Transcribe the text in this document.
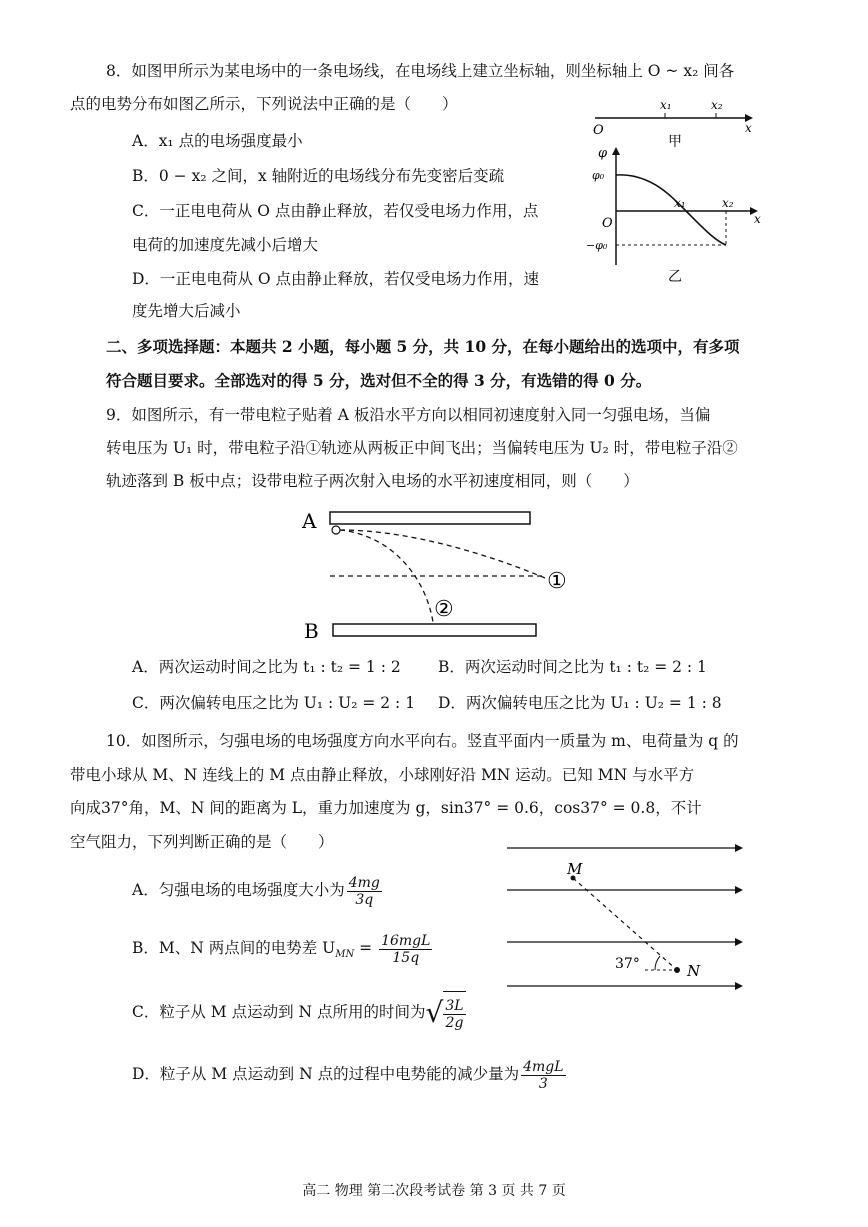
8．如图甲所示为某电场中的一条电场线，在电场线上建立坐标轴，则坐标轴上 O ~ x₂ 间各
点的电势分布如图乙所示，下列说法中正确的是（　　）
A．x₁ 点的电场强度最小
B．0 − x₂ 之间，x 轴附近的电场线分布先变密后变疏
C．一正电电荷从 O 点由静止释放，若仅受电场力作用，点
电荷的加速度先减小后增大
D．一正电电荷从 O 点由静止释放，若仅受电场力作用，速
度先增大后减小
O
x₁	x₂
x
甲
φ
φ₀
O
−φ₀
x₁	x₂
x
乙
二、多项选择题：本题共 2 小题，每小题 5 分，共 10 分，在每小题给出的选项中，有多项
符合题目要求。全部选对的得 5 分，选对但不全的得 3 分，有选错的得 0 分。
9．如图所示，有一带电粒子贴着 A 板沿水平方向以相同初速度射入同一匀强电场，当偏
转电压为 U₁ 时，带电粒子沿①轨迹从两板正中间飞出；当偏转电压为 U₂ 时，带电粒子沿②
轨迹落到 B 板中点；设带电粒子两次射入电场的水平初速度相同，则（　　）
A
B
①
②
A．两次运动时间之比为 t₁ : t₂ = 1 : 2 B．两次运动时间之比为 t₁ : t₂ = 2 : 1
C．两次偏转电压之比为 U₁ : U₂ = 2 : 1 D．两次偏转电压之比为 U₁ : U₂ = 1 : 8
10．如图所示，匀强电场的电场强度方向水平向右。竖直平面内一质量为 m、电荷量为 q 的
带电小球从 M、N 连线上的 M 点由静止释放，小球刚好沿 MN 运动。已知 MN 与水平方
向成37°角，M、N 间的距离为 L，重力加速度为 g，sin37° = 0.6，cos37° = 0.8，不计
空气阻力，下列判断正确的是（　　）
A．匀强电场的电场强度大小为 $\frac{4mg}{3q}$
B．M、N 两点间的电势差 $U_{MN} = \frac{\text{16mgL}}{15q}$
C．粒子从 M 点运动到 N 点所用的时间为√ $\frac{3L}{2g}$
D．粒子从 M 点运动到 N 点的过程中电势能的减少量为 $\frac{\text{4mgL}}{3}$
M
37°	N
高二 物理 第二次段考试卷 第 3 页 共 7 页
